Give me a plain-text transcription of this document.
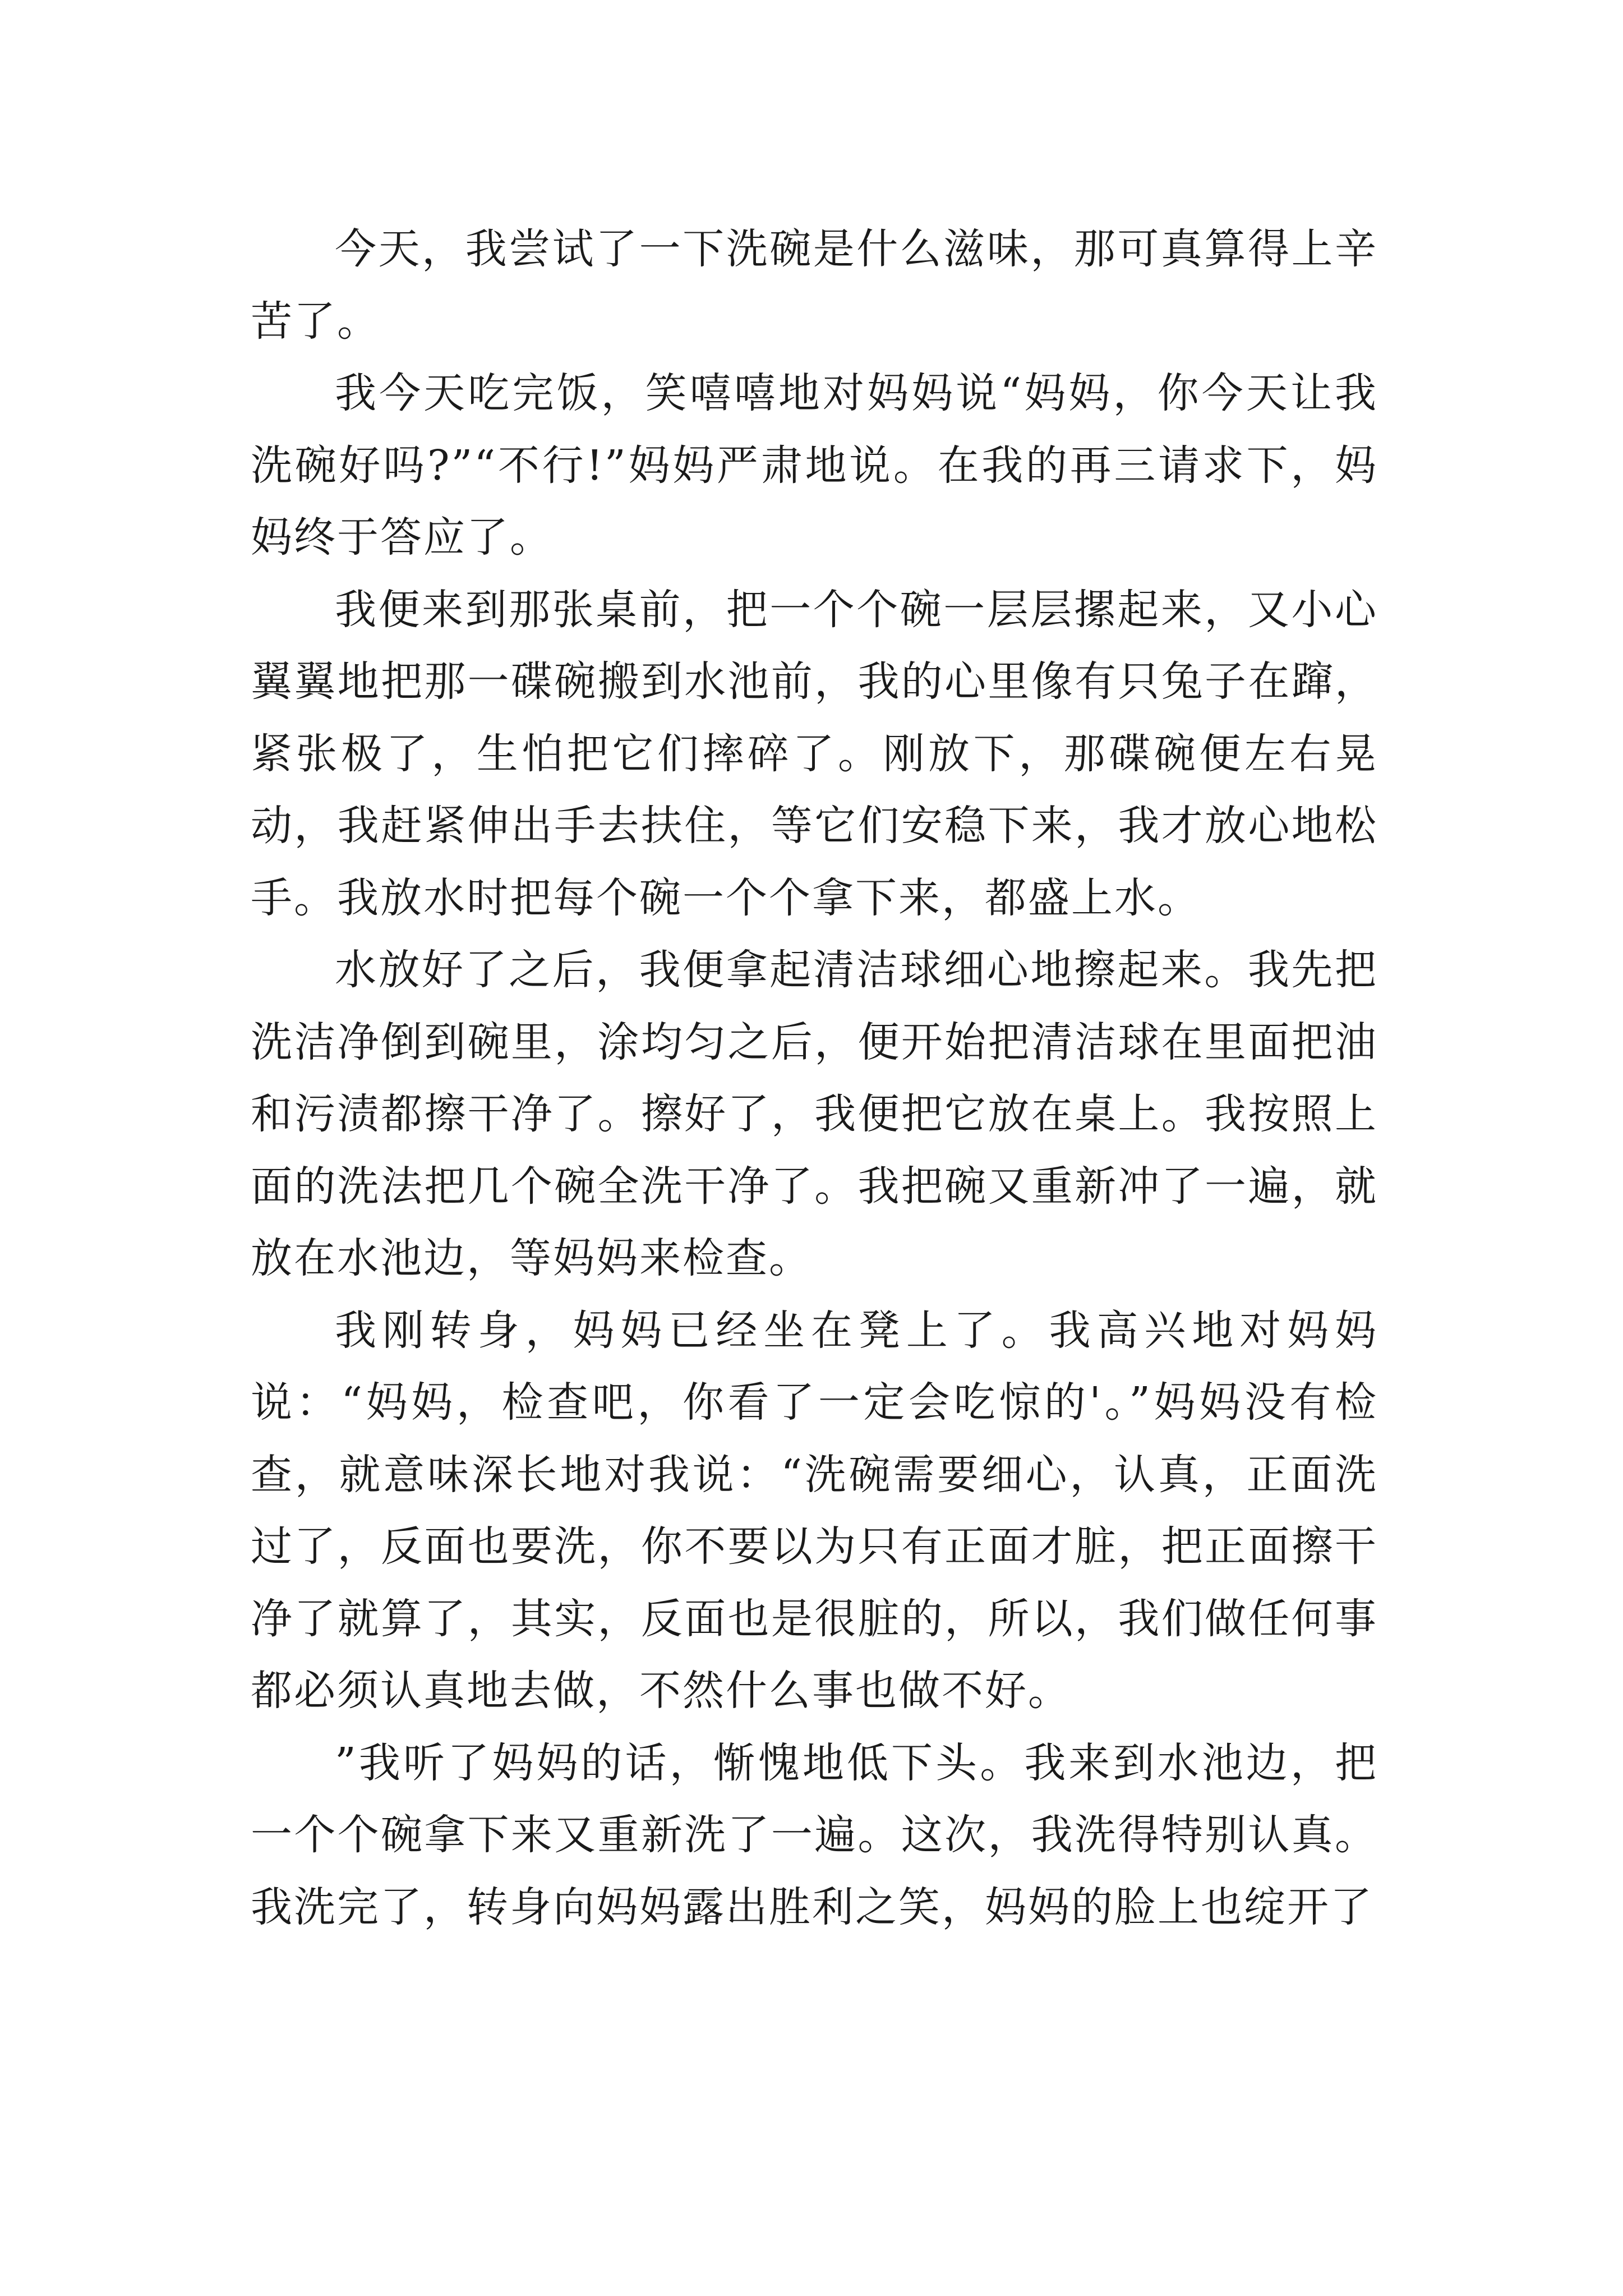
今天，我尝试了一下洗碗是什么滋味，那可真算得上辛苦了。

我今天吃完饭，笑嘻嘻地对妈妈说“妈妈，你今天让我洗碗好吗?”“不行!”妈妈严肃地说。在我的再三请求下，妈妈终于答应了。

我便来到那张桌前，把一个个碗一层层摞起来，又小心翼翼地把那一碟碗搬到水池前，我的心里像有只兔子在蹿，紧张极了，生怕把它们摔碎了。刚放下，那碟碗便左右晃动，我赶紧伸出手去扶住，等它们安稳下来，我才放心地松手。我放水时把每个碗一个个拿下来，都盛上水。

水放好了之后，我便拿起清洁球细心地擦起来。我先把洗洁净倒到碗里，涂均匀之后，便开始把清洁球在里面把油和污渍都擦干净了。擦好了，我便把它放在桌上。我按照上面的洗法把几个碗全洗干净了。我把碗又重新冲了一遍，就放在水池边，等妈妈来检查。

我刚转身，妈妈已经坐在凳上了。我高兴地对妈妈说：“妈妈，检查吧，你看了一定会吃惊的'。”妈妈没有检查，就意味深长地对我说：“洗碗需要细心，认真，正面洗过了，反面也要洗，你不要以为只有正面才脏，把正面擦干净了就算了，其实，反面也是很脏的，所以，我们做任何事都必须认真地去做，不然什么事也做不好。

”我听了妈妈的话，惭愧地低下头。我来到水池边，把一个个碗拿下来又重新洗了一遍。这次，我洗得特别认真。我洗完了，转身向妈妈露出胜利之笑，妈妈的脸上也绽开了
